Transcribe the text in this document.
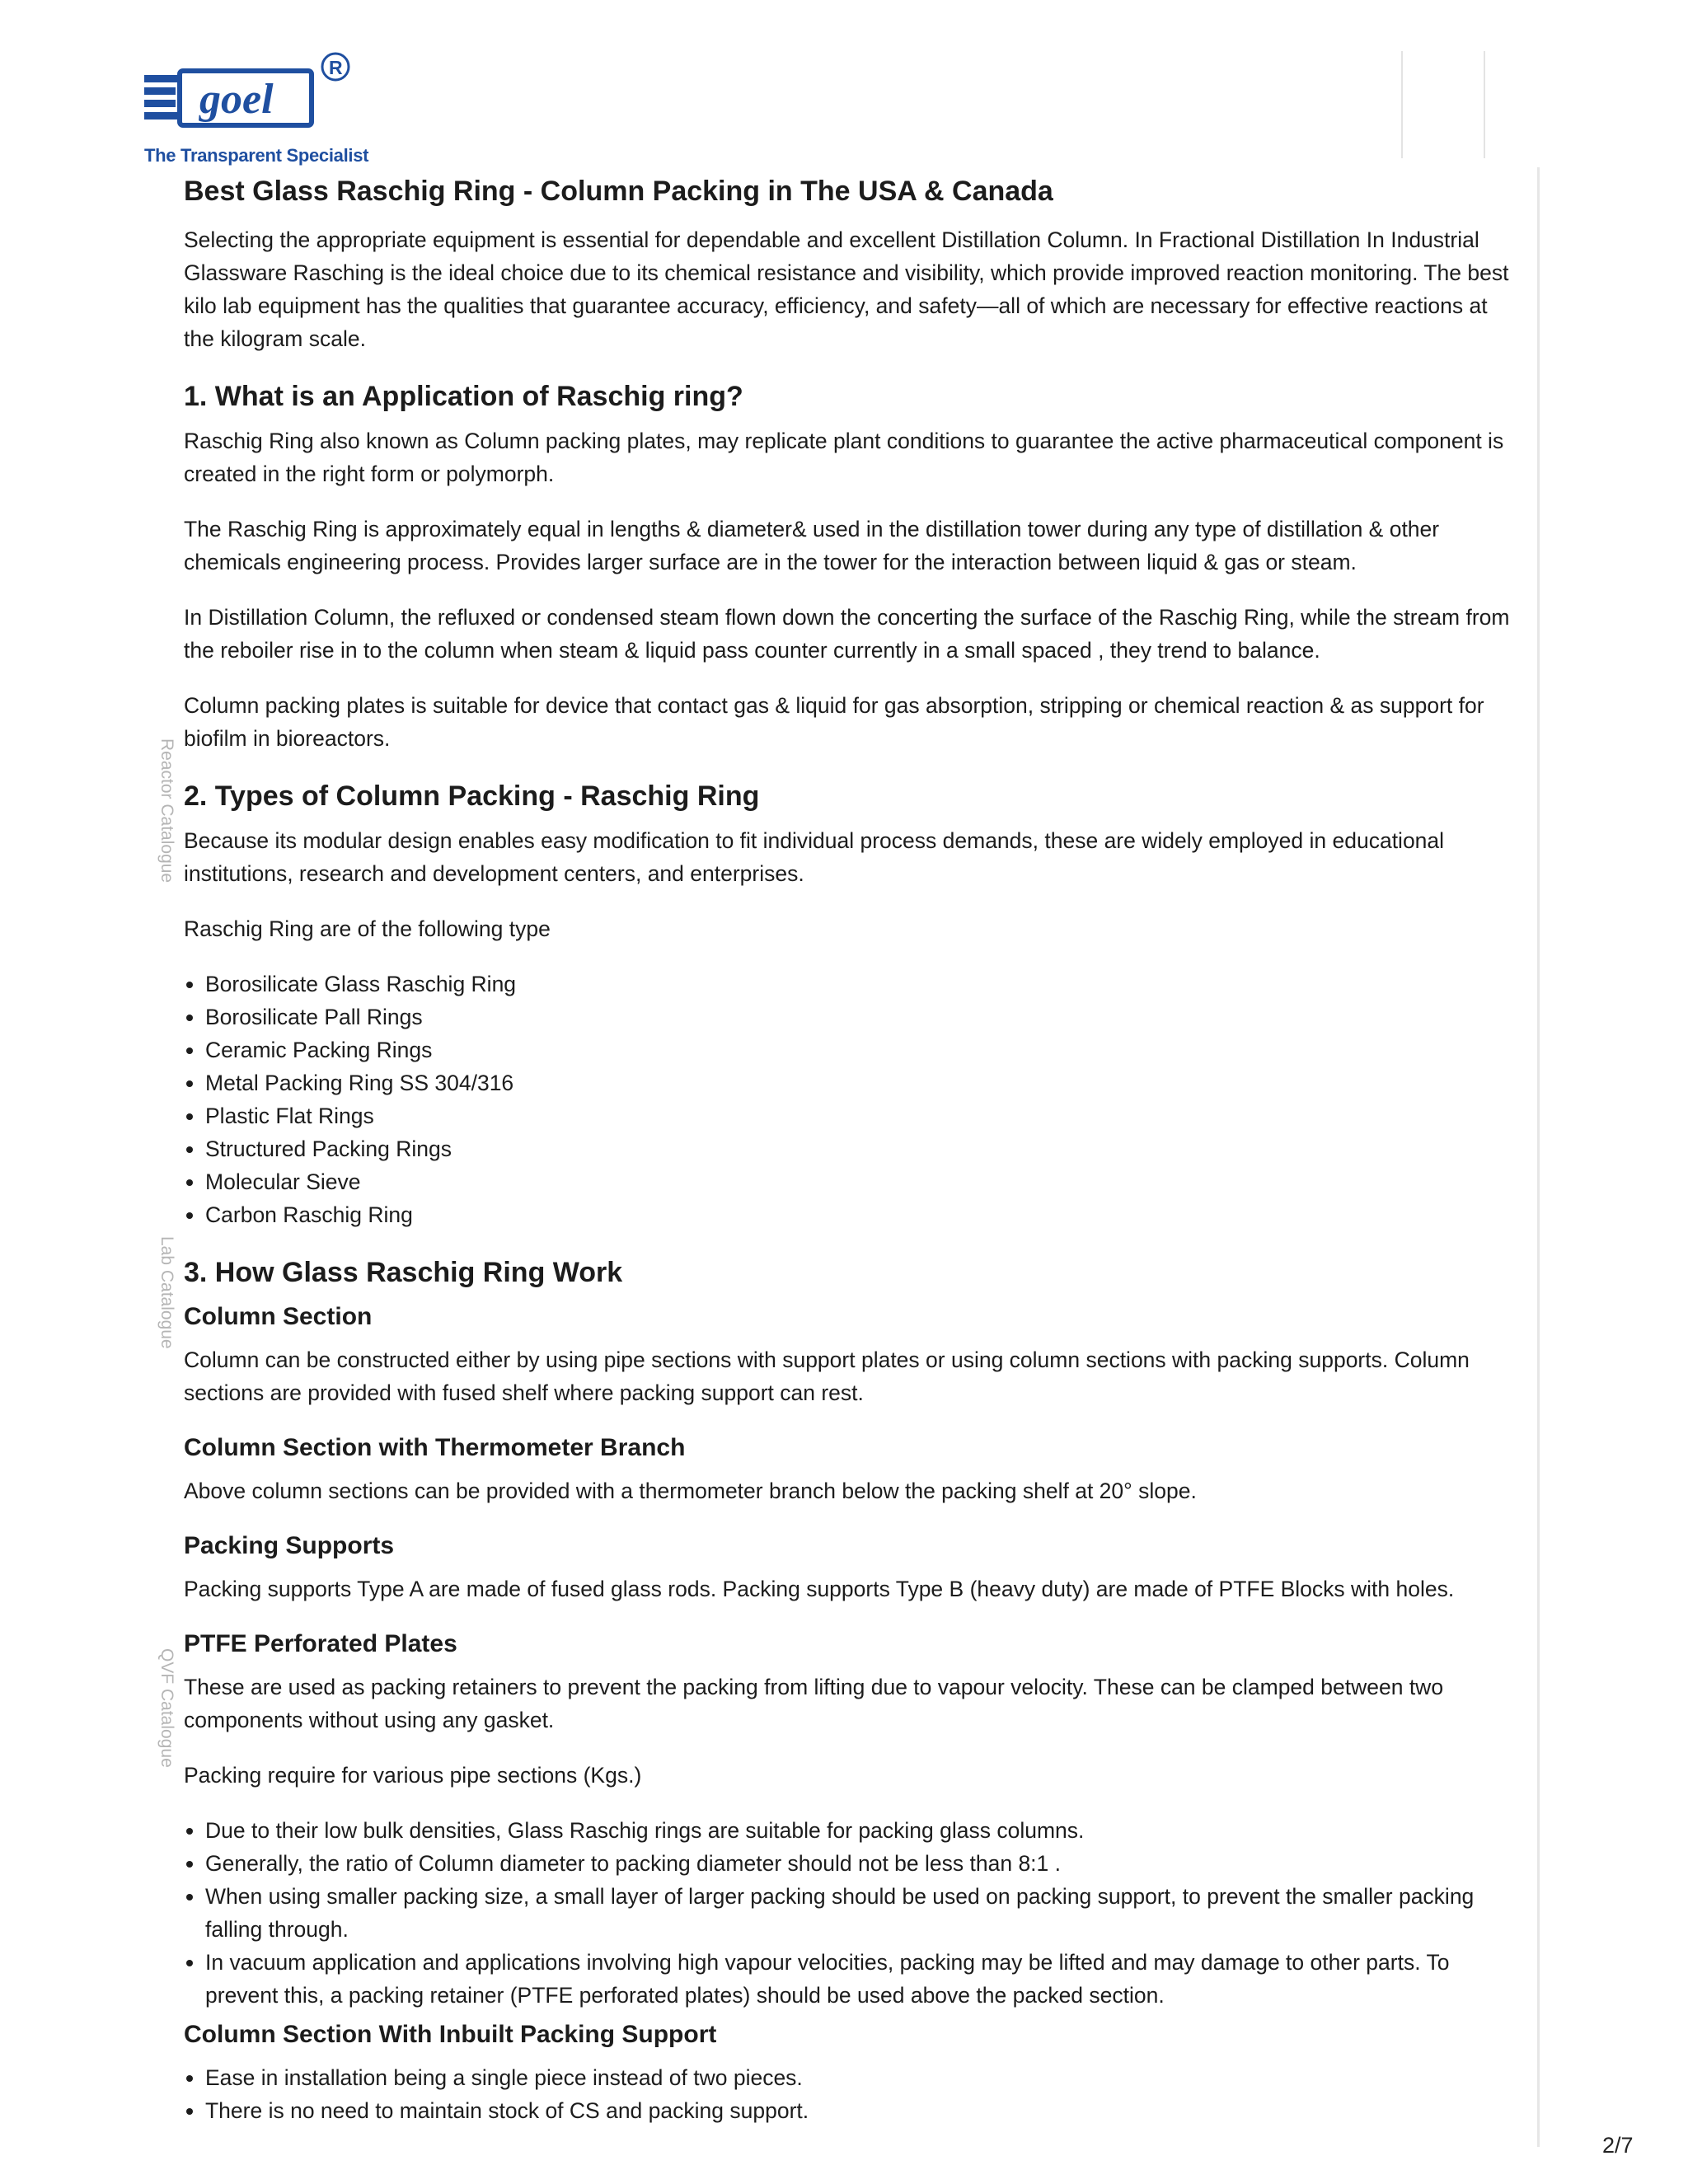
goel
R
The Transparent Specialist
Reactor Catalogue
Lab Catalogue
QVF Catalogue
Best Glass Raschig Ring - Column Packing in The USA & Canada

Selecting the appropriate equipment is essential for dependable and excellent Distillation Column. In Fractional Distillation In Industrial Glassware Rasching is the ideal choice due to its chemical resistance and visibility, which provide improved reaction monitoring. The best kilo lab equipment has the qualities that guarantee accuracy, efficiency, and safety—all of which are necessary for effective reactions at the kilogram scale.

1. What is an Application of Raschig ring?

Raschig Ring also known as Column packing plates, may replicate plant conditions to guarantee the active pharmaceutical component is created in the right form or polymorph.

The Raschig Ring is approximately equal in lengths & diameter& used in the distillation tower during any type of distillation & other chemicals engineering process. Provides larger surface are in the tower for the interaction between liquid & gas or steam.

In Distillation Column, the refluxed or condensed steam flown down the concerting the surface of the Raschig Ring, while the stream from the reboiler rise in to the column when steam & liquid pass counter currently in a small spaced , they trend to balance.

Column packing plates is suitable for device that contact gas & liquid for gas absorption, stripping or chemical reaction & as support for biofilm in bioreactors.

2. Types of Column Packing - Raschig Ring

Because its modular design enables easy modification to fit individual process demands, these are widely employed in educational institutions, research and development centers, and enterprises.

Raschig Ring are of the following type

• Borosilicate Glass Raschig Ring
• Borosilicate Pall Rings
• Ceramic Packing Rings
• Metal Packing Ring SS 304/316
• Plastic Flat Rings
• Structured Packing Rings
• Molecular Sieve
• Carbon Raschig Ring
3. How Glass Raschig Ring Work
Column Section

Column can be constructed either by using pipe sections with support plates or using column sections with packing supports. Column sections are provided with fused shelf where packing support can rest.

Column Section with Thermometer Branch

Above column sections can be provided with a thermometer branch below the packing shelf at 20° slope.

Packing Supports

Packing supports Type A are made of fused glass rods. Packing supports Type B (heavy duty) are made of PTFE Blocks with holes.

PTFE Perforated Plates

These are used as packing retainers to prevent the packing from lifting due to vapour velocity. These can be clamped between two components without using any gasket.

Packing require for various pipe sections (Kgs.)

• Due to their low bulk densities, Glass Raschig rings are suitable for packing glass columns.
• Generally, the ratio of Column diameter to packing diameter should not be less than 8:1 .
• When using smaller packing size, a small layer of larger packing should be used on packing support, to prevent the smaller packing falling through.
• In vacuum application and applications involving high vapour velocities, packing may be lifted and may damage to other parts. To prevent this, a packing retainer (PTFE perforated plates) should be used above the packed section.
Column Section With Inbuilt Packing Support
• Ease in installation being a single piece instead of two pieces.
• There is no need to maintain stock of CS and packing support.
2/7
